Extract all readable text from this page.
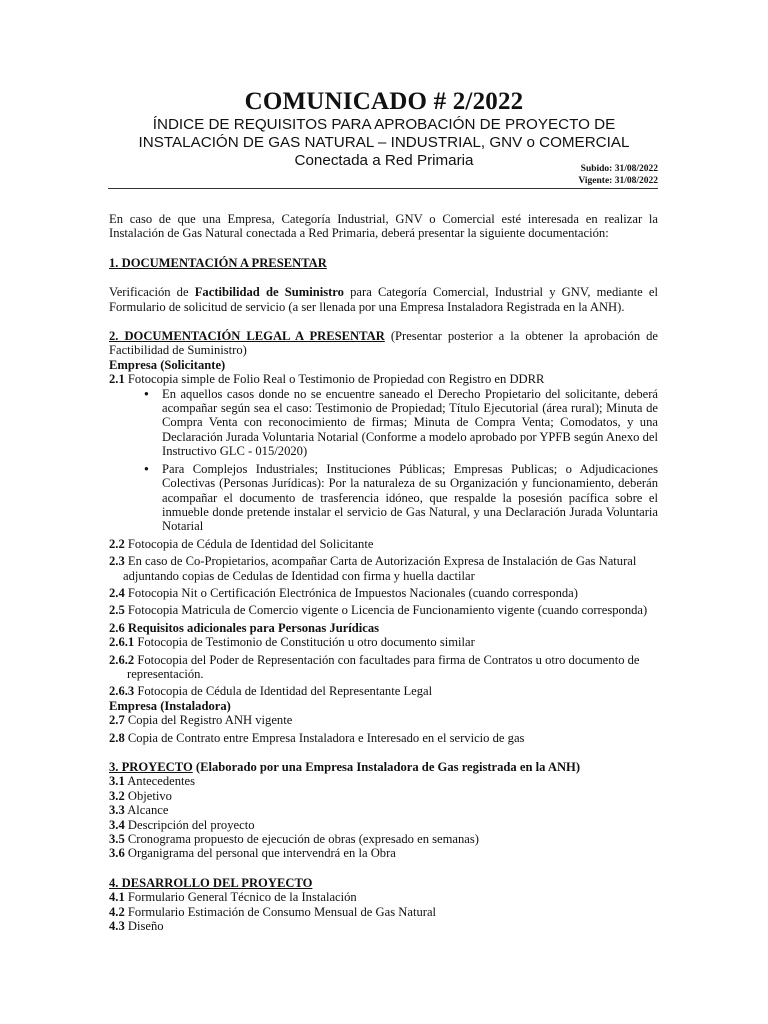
COMUNICADO # 2/2022
ÍNDICE DE REQUISITOS PARA APROBACIÓN DE PROYECTO DE
INSTALACIÓN DE GAS NATURAL – INDUSTRIAL, GNV o COMERCIAL
Conectada a Red Primaria	Subido: 31/08/2022
Vigente: 31/08/2022

En caso de que una Empresa, Categoría Industrial, GNV o Comercial esté interesada en realizar la Instalación de Gas Natural conectada a Red Primaria, deberá presentar la siguiente documentación:

1. DOCUMENTACIÓN A PRESENTAR

Verificación de Factibilidad de Suministro para Categoría Comercial, Industrial y GNV, mediante el Formulario de solicitud de servicio (a ser llenada por una Empresa Instaladora Registrada en la ANH).

2. DOCUMENTACIÓN LEGAL A PRESENTAR (Presentar posterior a la obtener la aprobación de Factibilidad de Suministro)

Empresa (Solicitante)

2.1 Fotocopia simple de Folio Real o Testimonio de Propiedad con Registro en DDRR

● En aquellos casos donde no se encuentre saneado el Derecho Propietario del solicitante, deberá acompañar según sea el caso: Testimonio de Propiedad; Título Ejecutorial (área rural); Minuta de Compra Venta con reconocimiento de firmas; Minuta de Compra Venta; Comodatos, y una Declaración Jurada Voluntaria Notarial (Conforme a modelo aprobado por YPFB según Anexo del Instructivo GLC - 015/2020)
● Para Complejos Industriales; Instituciones Públicas; Empresas Publicas; o Adjudicaciones Colectivas (Personas Jurídicas): Por la naturaleza de su Organización y funcionamiento, deberán acompañar el documento de trasferencia idóneo, que respalde la posesión pacífica sobre el inmueble donde pretende instalar el servicio de Gas Natural, y una Declaración Jurada Voluntaria Notarial

2.2 Fotocopia de Cédula de Identidad del Solicitante

2.3 En caso de Co-Propietarios, acompañar Carta de Autorización Expresa de Instalación de Gas Natural adjuntando copias de Cedulas de Identidad con firma y huella dactilar

2.4 Fotocopia Nit o Certificación Electrónica de Impuestos Nacionales (cuando corresponda)

2.5 Fotocopia Matricula de Comercio vigente o Licencia de Funcionamiento vigente (cuando corresponda)

2.6 Requisitos adicionales para Personas Jurídicas

2.6.1 Fotocopia de Testimonio de Constitución u otro documento similar

2.6.2 Fotocopia del Poder de Representación con facultades para firma de Contratos u otro documento de representación.

2.6.3 Fotocopia de Cédula de Identidad del Representante Legal

Empresa (Instaladora)

2.7 Copia del Registro ANH vigente

2.8 Copia de Contrato entre Empresa Instaladora e Interesado en el servicio de gas

3. PROYECTO (Elaborado por una Empresa Instaladora de Gas registrada en la ANH)

3.1 Antecedentes

3.2 Objetivo

3.3 Alcance

3.4 Descripción del proyecto

3.5 Cronograma propuesto de ejecución de obras (expresado en semanas)

3.6 Organigrama del personal que intervendrá en la Obra

4. DESARROLLO DEL PROYECTO

4.1 Formulario General Técnico de la Instalación

4.2 Formulario Estimación de Consumo Mensual de Gas Natural

4.3 Diseño
